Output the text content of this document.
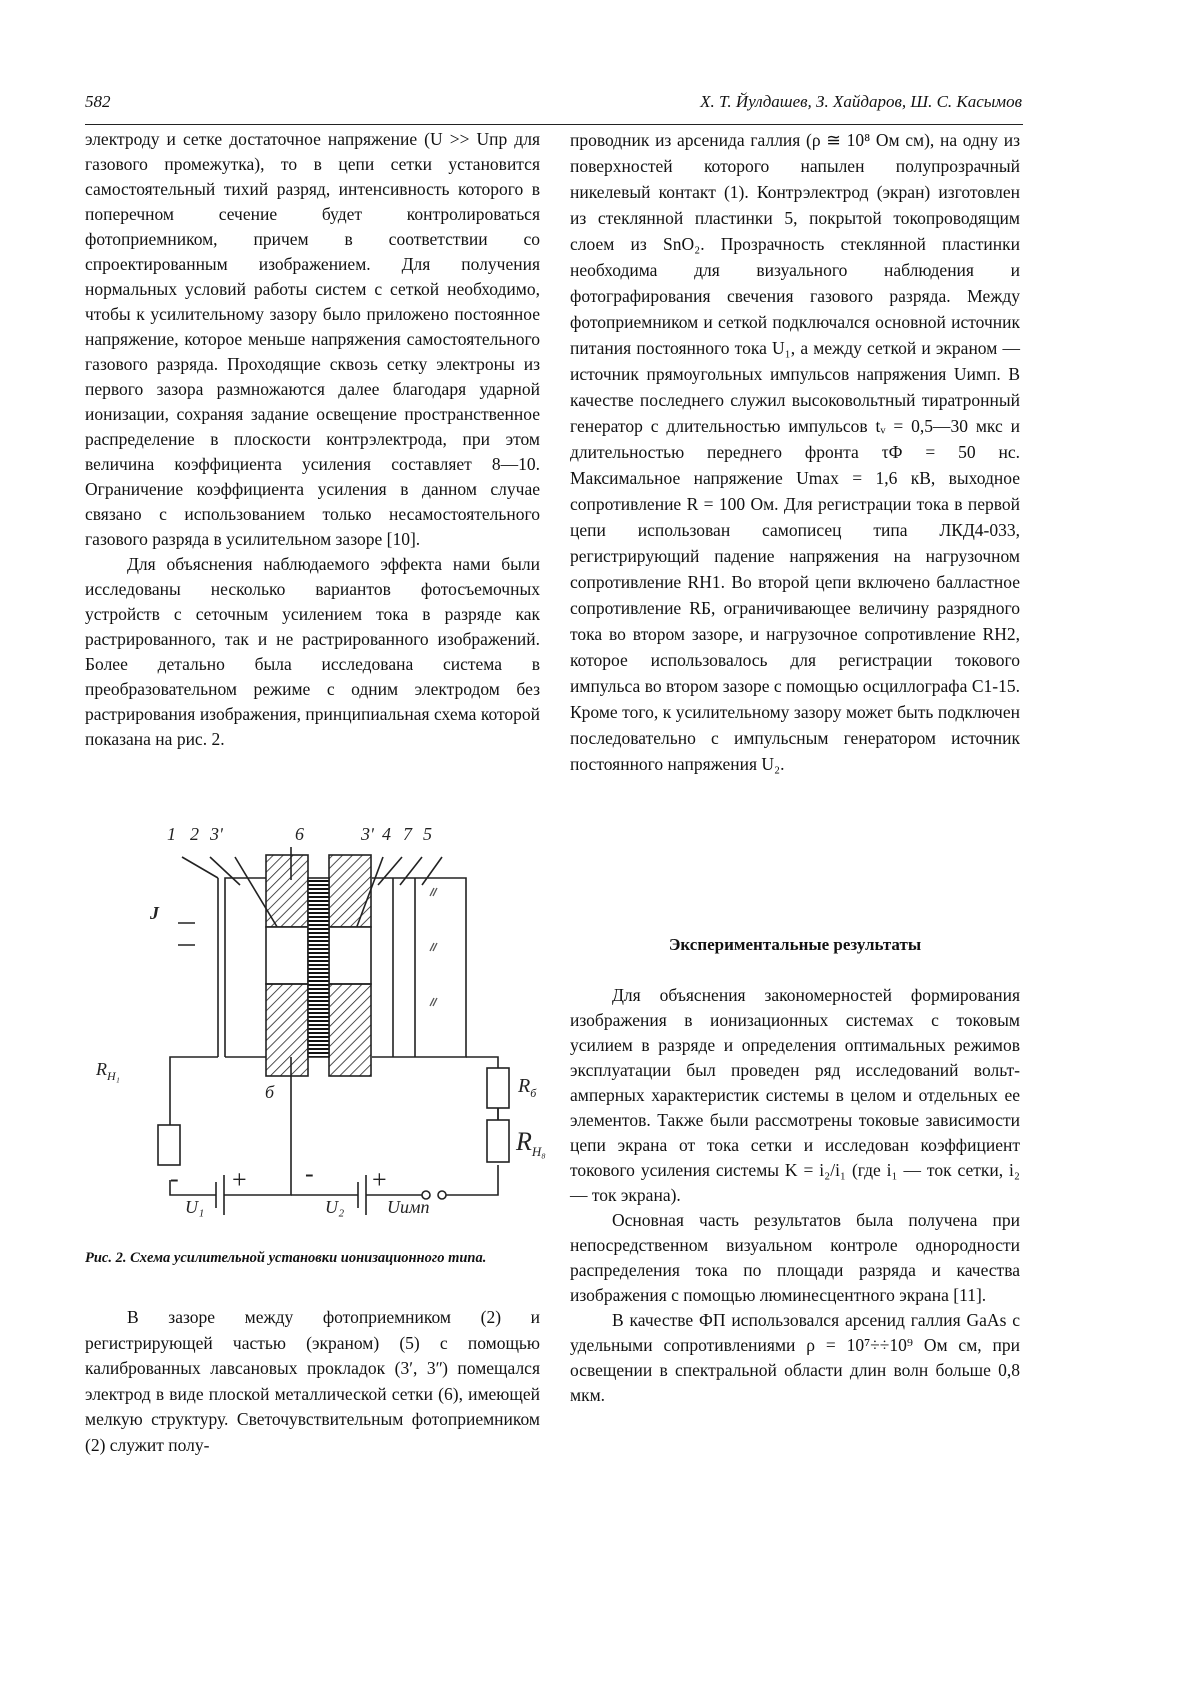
582	Х. Т. Йулдашев, З. Хайдаров, Ш. С. Касымов

электроду и сетке достаточное напряжение (U >> Uпр для газового промежутка), то в цепи сетки установится самостоятельный тихий разряд, интенсивность которого в поперечном сечение будет контролироваться фотоприемником, причем в соответствии со спроектированным изображением. Для получения нормальных условий работы систем с сеткой необходимо, чтобы к усилительному зазору было приложено постоянное напряжение, которое меньше напряжения самостоятельного газового разряда. Проходящие сквозь сетку электроны из первого зазора размножаются далее благодаря ударной ионизации, сохраняя задание освещение пространственное распределение в плоскости контрэлектрода, при этом величина коэффициента усиления составляет 8—10. Ограничение коэффициента усиления в данном случае связано с использованием только несамостоятельного газового разряда в усилительном зазоре [10].

Для объяснения наблюдаемого эффекта нами были исследованы несколько вариантов фотосъемочных устройств с сеточным усилением тока в разряде как растрированного, так и не растрированного изображений. Более детально была исследована система в преобразовательном режиме с одним электродом без растрирования изображения, принципиальная схема которой показана на рис. 2.

1 2 3ʹ	6	3ʹ 4 7 5
J
б
$R_{H_1}$	$R_б$
$R_{H_8}$
U₁	U₂ Uимп
- + - +
Рис. 2. Схема усилительной установки ионизационного типа.

В зазоре между фотоприемником (2) и регистрирующей частью (экраном) (5) с помощью калиброванных лавсановых прокладок (3ʹ, 3ʺ) помещался электрод в виде плоской металлической сетки (6), имеющей мелкую структуру. Светочувствительным фотоприемником (2) служит полу-

проводник из арсенида галлия (ρ ≅ 10⁸ Ом см), на одну из поверхностей которого напылен полупрозрачный никелевый контакт (1). Контрэлектрод (экран) изготовлен из стеклянной пластинки 5, покрытой токопроводящим слоем из SnO₂. Прозрачность стеклянной пластинки необходима для визуального наблюдения и фотографирования свечения газового разряда. Между фотоприемником и сеткой подключался основной источник питания постоянного тока U₁, а между сеткой и экраном — источник прямоугольных импульсов напряжения Uимп. В качестве последнего служил высоковольтный тиратронный генератор с длительностью импульсов tᵥ = 0,5—30 мкс и длительностью переднего фронта τФ = 50 нс. Максимальное напряжение Umax = 1,6 кВ, выходное сопротивление R = 100 Ом. Для регистрации тока в первой цепи использован самописец типа ЛКД4-033, регистрирующий падение напряжения на нагрузочном сопротивление RH1. Во второй цепи включено балластное сопротивление RБ, ограничивающее величину разрядного тока во втором зазоре, и нагрузочное сопротивление RH2, которое использовалось для регистрации токового импульса во втором зазоре с помощью осциллографа С1-15. Кроме того, к усилительному зазору может быть подключен последовательно с импульсным генератором источник постоянного напряжения U₂.

Экспериментальные результаты

Для объяснения закономерностей формирования изображения в ионизационных системах с токовым усилием в разряде и определения оптимальных режимов эксплуатации был проведен ряд исследований вольт-амперных характеристик системы в целом и отдельных ее элементов. Также были рассмотрены токовые зависимости цепи экрана от тока сетки и исследован коэффициент токового усиления системы K = i₂/i₁ (где i₁ — ток сетки, i₂ — ток экрана).

Основная часть результатов была получена при непосредственном визуальном контроле однородности распределения тока по площади разряда и качества изображения с помощью люминесцентного экрана [11].

В качестве ФП использовался арсенид галлия GaAs с удельными сопротивлениями ρ = 10⁷÷÷10⁹ Ом см, при освещении в спектральной области длин волн больше 0,8 мкм.
